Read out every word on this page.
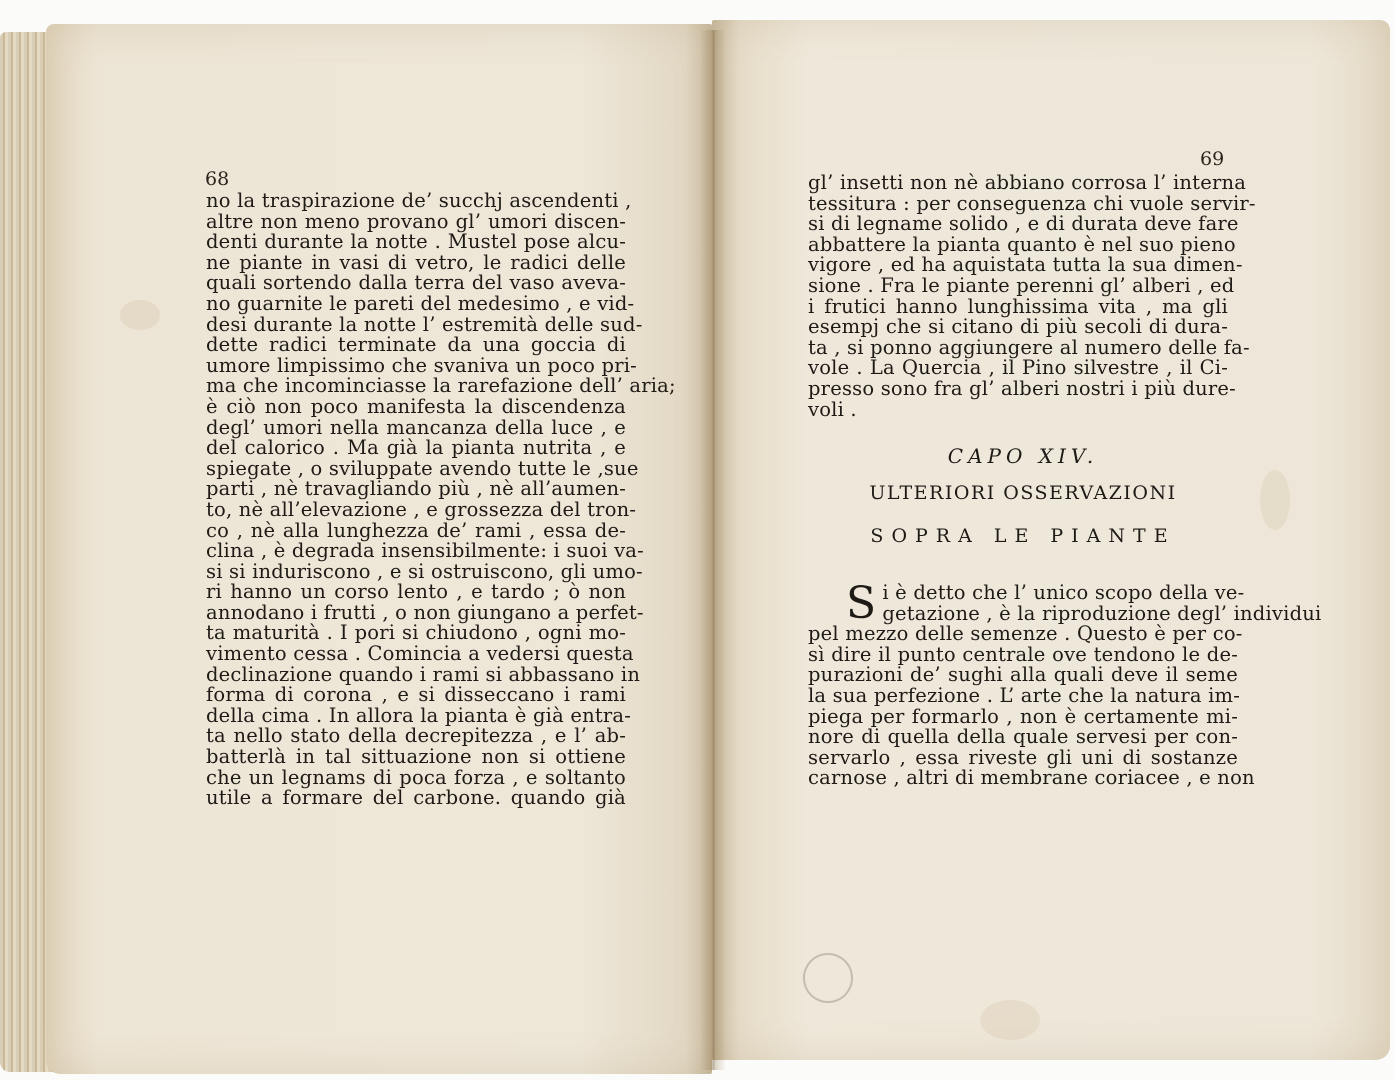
68
no la traspirazione de’ succhj ascendenti ,
altre non meno provano gl’ umori discen-
denti durante la notte . Mustel pose alcu-
ne piante in vasi di vetro, le radici delle
quali sortendo dalla terra del vaso aveva-
no guarnite le pareti del medesimo , e vid-
desi durante la notte l’ estremità delle sud-
dette radici terminate da una goccia di
umore limpissimo che svaniva un poco pri-
ma che incominciasse la rarefazione dell’ aria;
è ciò non poco manifesta la discendenza
degl’ umori nella mancanza della luce , e
del calorico . Ma già la pianta nutrita , e
spiegate , o sviluppate avendo tutte le ,sue
parti , nè travagliando più , nè all’aumen-
to, nè all’elevazione , e grossezza del tron-
co , nè alla lunghezza de’ rami , essa de-
clina , è degrada insensibilmente: i suoi va-
si si induriscono , e si ostruiscono, gli umo-
ri hanno un corso lento , e tardo ; ò non
annodano i frutti , o non giungano a perfet-
ta maturità . I pori si chiudono , ogni mo-
vimento cessa . Comincia a vedersi questa
declinazione quando i rami si abbassano in
forma di corona , e si disseccano i rami
della cima . In allora la pianta è già entra-
ta nello stato della decrepitezza , e l’ ab-
batterlà in tal sittuazione non si ottiene
che un legnams di poca forza , e soltanto
utile a formare del carbone. quando già
69
gl’ insetti non nè abbiano corrosa l’ interna
tessitura : per conseguenza chi vuole servir-
si di legname solido , e di durata deve fare
abbattere la pianta quanto è nel suo pieno
vigore , ed ha aquistata tutta la sua dimen-
sione . Fra le piante perenni gl’ alberi , ed
i frutici hanno lunghissima vita , ma gli
esempj che si citano di più secoli di dura-
ta , si ponno aggiungere al numero delle fa-
vole . La Quercia , il Pino silvestre , il Ci-
presso sono fra gl’ alberi nostri i più dure-
voli .
CAPO XIV.
ULTERIORI OSSERVAZIONI
SOPRA LE PIANTE
S i è detto che l’ unico scopo della ve-
getazione , è la riproduzione degl’ individui
pel mezzo delle semenze . Questo è per co-
sì dire il punto centrale ove tendono le de-
purazioni de’ sughi alla quali deve il seme
la sua perfezione . L’ arte che la natura im-
piega per formarlo , non è certamente mi-
nore di quella della quale servesi per con-
servarlo , essa riveste gli uni di sostanze
carnose , altri di membrane coriacee , e non
